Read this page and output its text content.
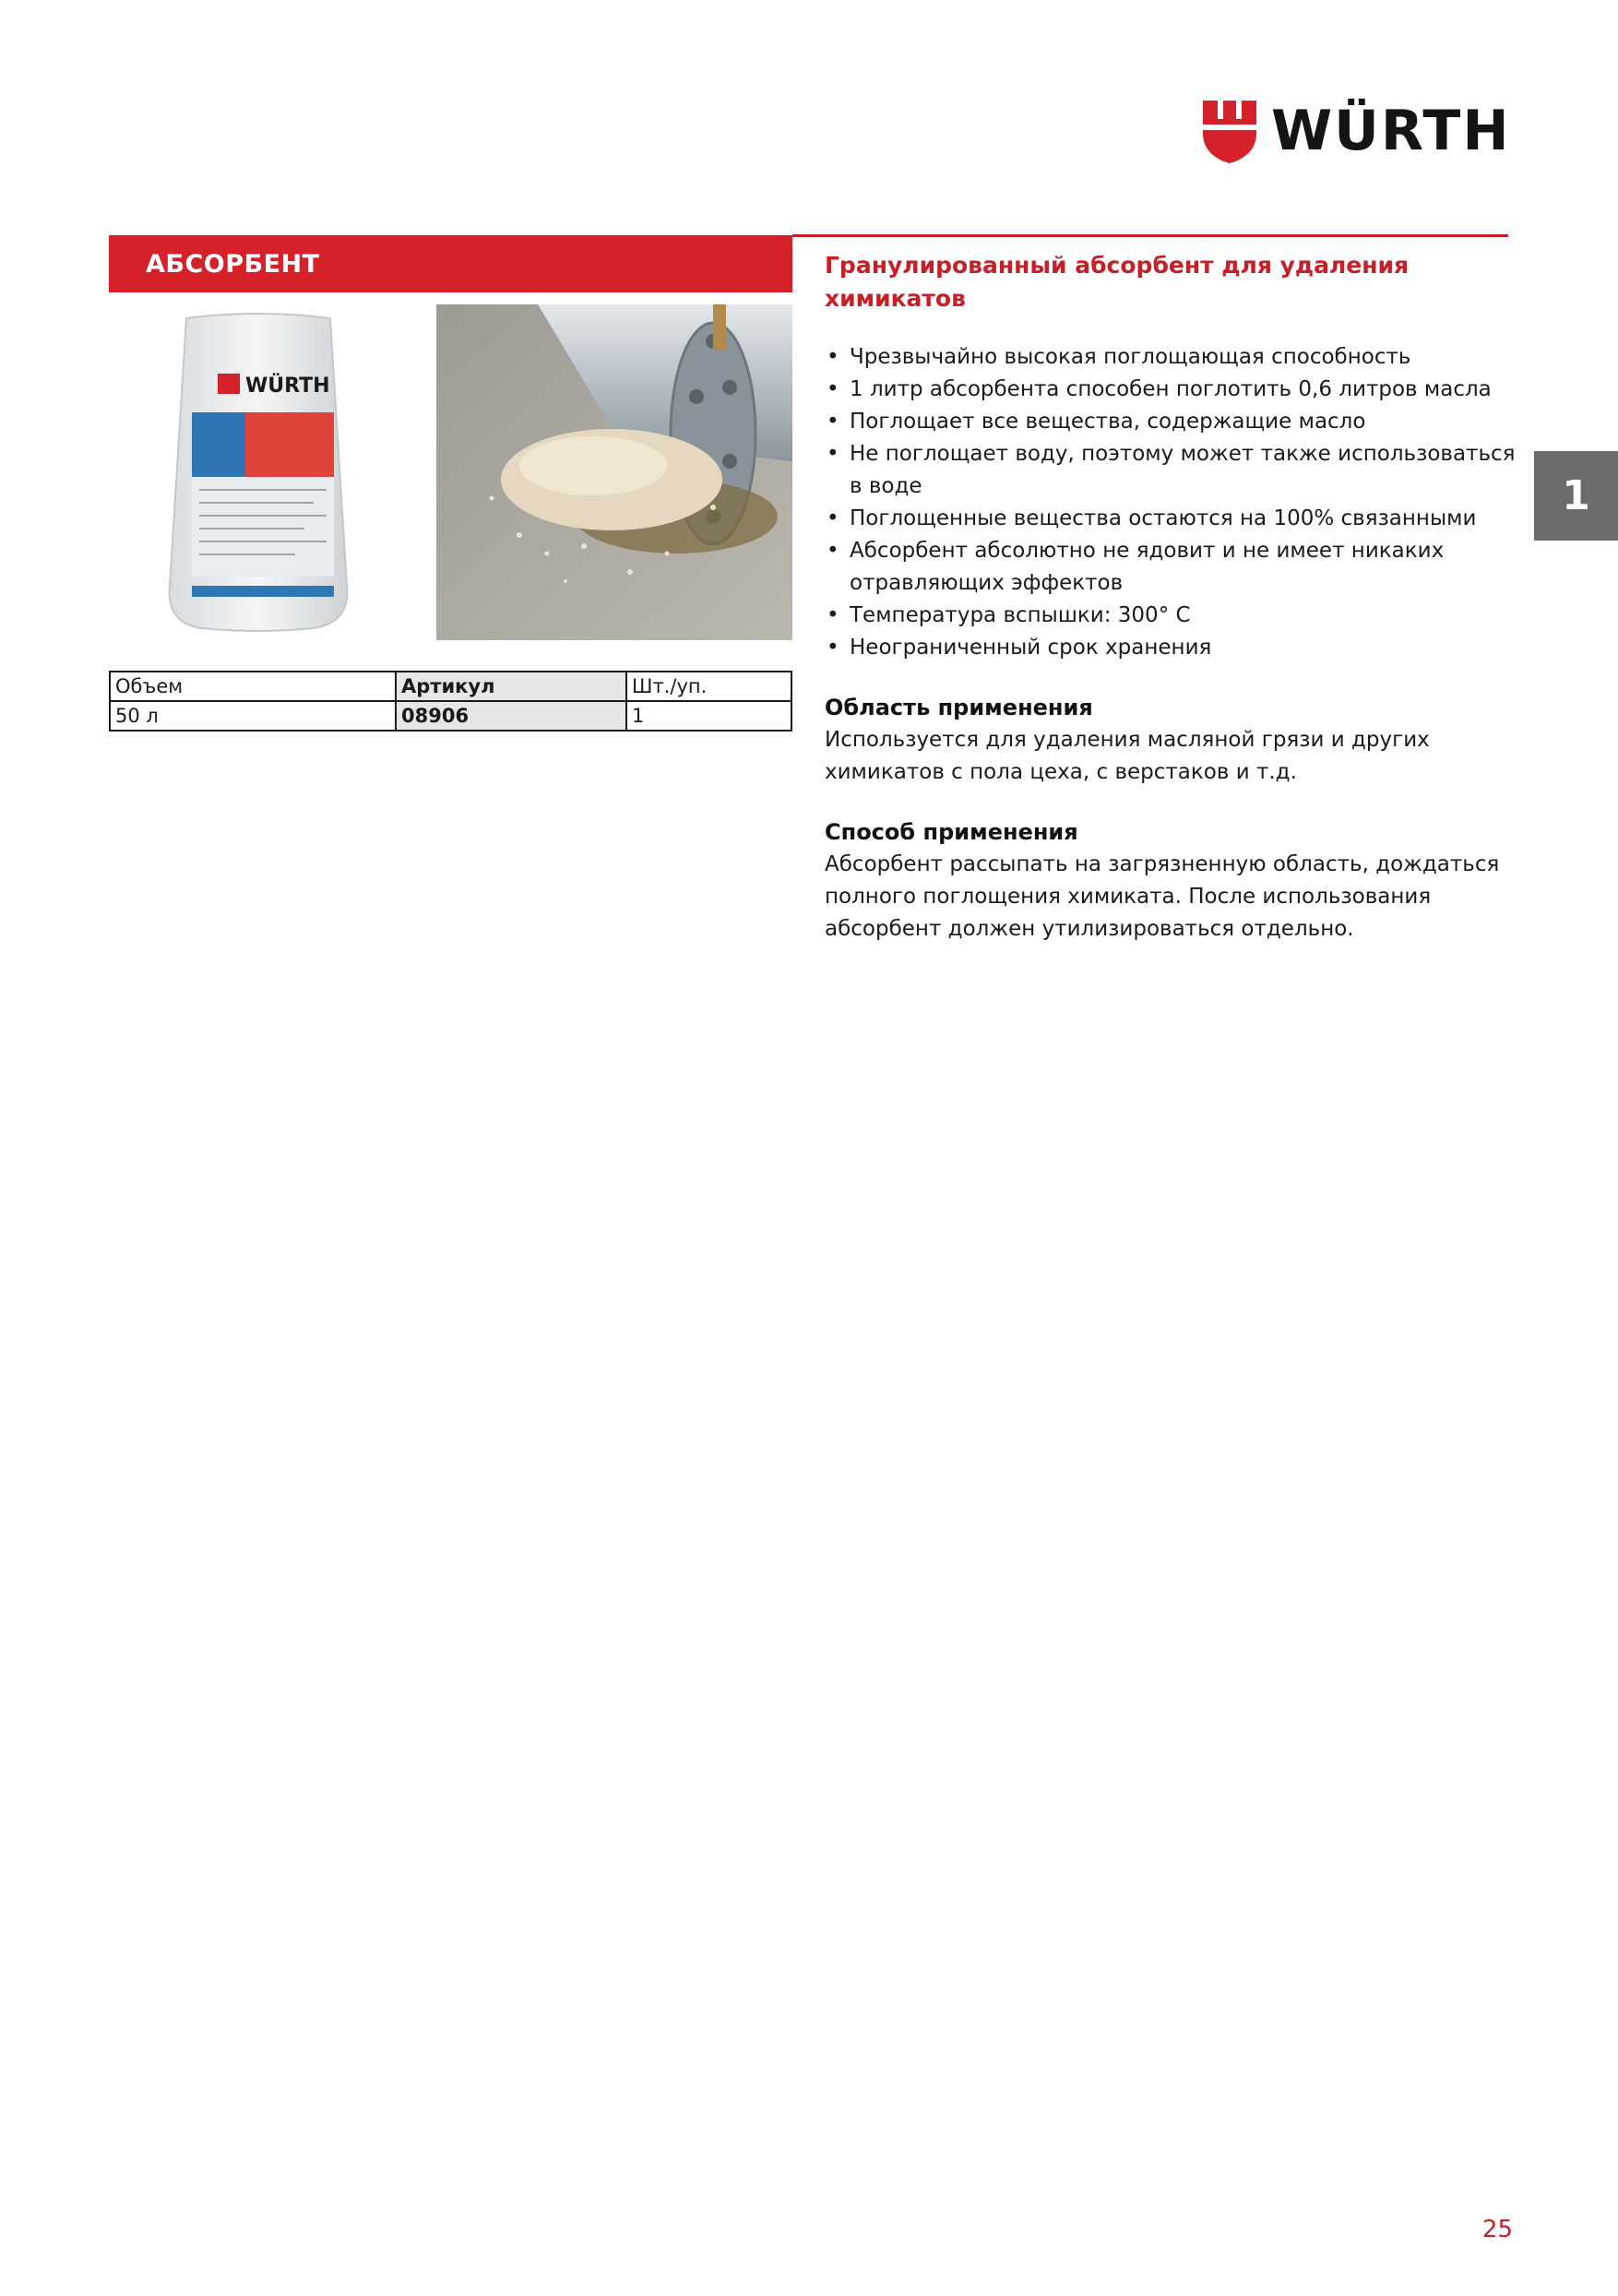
WÜRTH
АБСОРБЕНТ
WÜRTH
Объем	Артикул	Шт./уп.
50 л	08906	1
Гранулированный абсорбент для удаления химикатов
• Чрезвычайно высокая поглощающая способность
• 1 литр абсорбента способен поглотить 0,6 литров масла
• Поглощает все вещества, содержащие масло
• Не поглощает воду, поэтому может также использоваться в воде
• Поглощенные вещества остаются на 100% связанными
• Абсорбент абсолютно не ядовит и не имеет никаких отравляющих эффектов
• Температура вспышки: 300° C
• Неограниченный срок хранения
Область применения
Используется для удаления масляной грязи и других химикатов с пола цеха, с верстаков и т.д.
Способ применения
Абсорбент рассыпать на загрязненную область, дождаться полного поглощения химиката. После использования абсорбент должен утилизироваться отдельно.
1
25
